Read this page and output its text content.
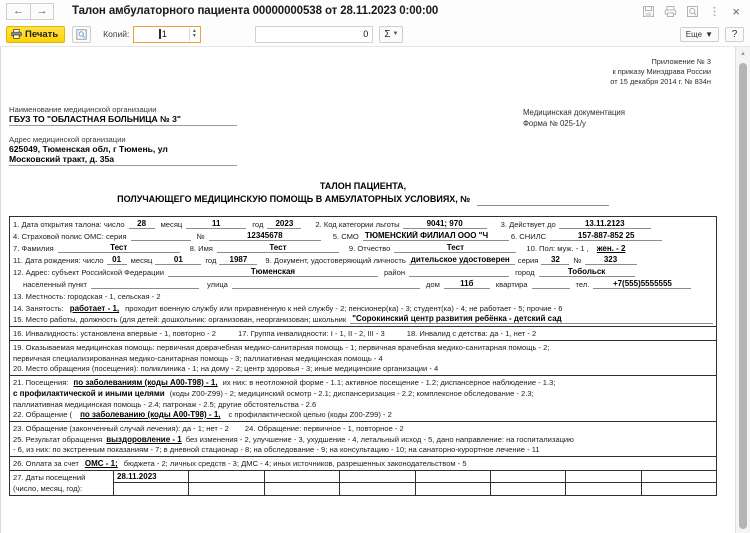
←	→	Талон амбулаторного пациента 00000000538 от 28.11.2023 0:00:00	×
Печать	Копий:	1	▲
▼	0 Σ ▼	Еще ▼	?
Приложение № 3
к приказу Минздрава России
от 15 декабря 2014 г. № 834н
Наименование медицинской организации
ГБУЗ ТО "ОБЛАСТНАЯ БОЛЬНИЦА № 3"
Адрес медицинской организации
625049, Тюменская обл, г Тюмень, ул
Московский тракт, д. 35а
Медицинская документация
Форма № 025-1/у
ТАЛОН ПАЦИЕНТА,
ПОЛУЧАЮЩЕГО МЕДИЦИНСКУЮ ПОМОЩЬ В АМБУЛАТОРНЫХ УСЛОВИЯХ, №
1. Дата открытия талона: число	28	месяц	11	год	2023	2. Код категории льготы	9041; 970	3. Действует до	13.11.2123
4. Страховой полис ОМС: серия	№	12345678	5. СМО ТЮМЕНСКИЙ ФИЛИАЛ ООО "Ч	6. СНИЛС	157-887-852 25
7. Фамилия	Тест	8. Имя	Тест	9. Отчество	Тест	10. Пол: муж. - 1 , жен. - 2
11. Дата рождения: число	01	месяц	01	год	1987	9. Документ, удостоверяющий личность дительское удостоверен	серия	32	№	323
12. Адрес: субъект Российской Федерации	Тюменская	район	город	Тобольск
населенный пункт	улица	дом	11б	квартира	тел.	+7(555)5555555
13. Местность: городская - 1, сельская - 2
14. Занятость: работает - 1, проходит военную службу или приравненную к ней службу - 2; пенсионер(ка) - 3; студент(ка) - 4; не работает - 5; прочие - 6
15. Место работы, должность (для детей: дошкольник: организован, неорганизован; школьник "Сорокинский центр развития ребёнка - детский сад
16. Инвалидность: установлена впервые - 1, повторно - 2	17. Группа инвалидности: I - 1, II - 2, III - 3	18. Инвалид с детства: да - 1, нет - 2
19. Оказываемая медицинская помощь: первичная доврачебная медико-санитарная помощь - 1; первичная врачебная медико-санитарная помощь - 2;
первичная специализированная медико-санитарная помощь - 3; паллиативная медицинская помощь - 4
20. Место обращения (посещения): поликлиника - 1; на дому - 2; центр здоровья - 3; иные медицинские организации - 4
21. Посещения: по заболеваниям (коды A00-T98) - 1, их них: в неотложной форме - 1.1; активное посещение - 1.2; диспансерное наблюдение - 1.3;
с профилактической и иными целями (коды Z00-Z99) - 2; медицинский осмотр - 2.1; диспансеризация - 2.2; комплексное обследование - 2.3;
паллиативная медицинская помощь - 2.4; патронаж - 2.5; другие обстоятельства - 2.6
22. Обращение ( по заболеванию (коды A00-T98) - 1, с профилактической целью (коды Z00-Z99) - 2
23. Обращение (законченный случай лечения): да - 1; нет - 2 24. Обращение: первичное - 1, повторное - 2
25. Результат обращения выздоровление - 1 без изменения - 2, улучшение - 3, ухудшение - 4, летальный исход - 5, дано направление: на госпитализацию
- 6, из них: по экстренным показаниям - 7; в дневной стационар - 8; на обследование - 9; на консультацию - 10; на санаторно-курортное лечение - 11
26. Оплата за счет ОМС - 1; бюджета - 2; личных средств - 3; ДМС - 4; иных источников, разрешенных законодательством - 5
27. Даты посещений
(число, месяц, год):
28.11.2023
▲
